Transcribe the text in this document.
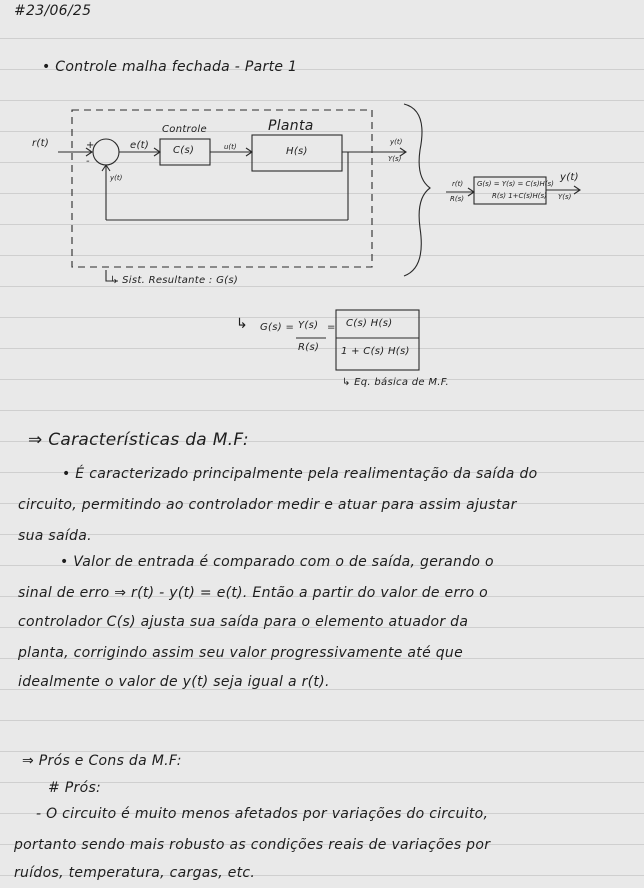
#23/06/25
• Controle malha fechada - Parte 1
r(t)	+
-
y(t)
e(t)
Controle
C(s)	u(t)
Planta
H(s)
y(t)
Y(s)
↳ Sist. Resultante : G(s)
r(t)
R(s)
G(s) = Y(s) = C(s)H(s)
R(s) 1+C(s)H(s)
y(t)
Y(s)
↳ G(s) = Y(s)
R(s)
= C(s) H(s)
1 + C(s) H(s)
↳ Eq. básica de M.F.
⇒ Características da M.F:
• É caracterizado principalmente pela realimentação da saída do
circuito, permitindo ao controlador medir e atuar para assim ajustar
sua saída.
• Valor de entrada é comparado com o de saída, gerando o
sinal de erro ⇒ r(t) - y(t) = e(t). Então a partir do valor de erro o
controlador C(s) ajusta sua saída para o elemento atuador da
planta, corrigindo assim seu valor progressivamente até que
idealmente o valor de y(t) seja igual a r(t).
⇒ Prós e Cons da M.F:
# Prós:
- O circuito é muito menos afetados por variações do circuito,
portanto sendo mais robusto as condições reais de variações por
ruídos, temperatura, cargas, etc.
